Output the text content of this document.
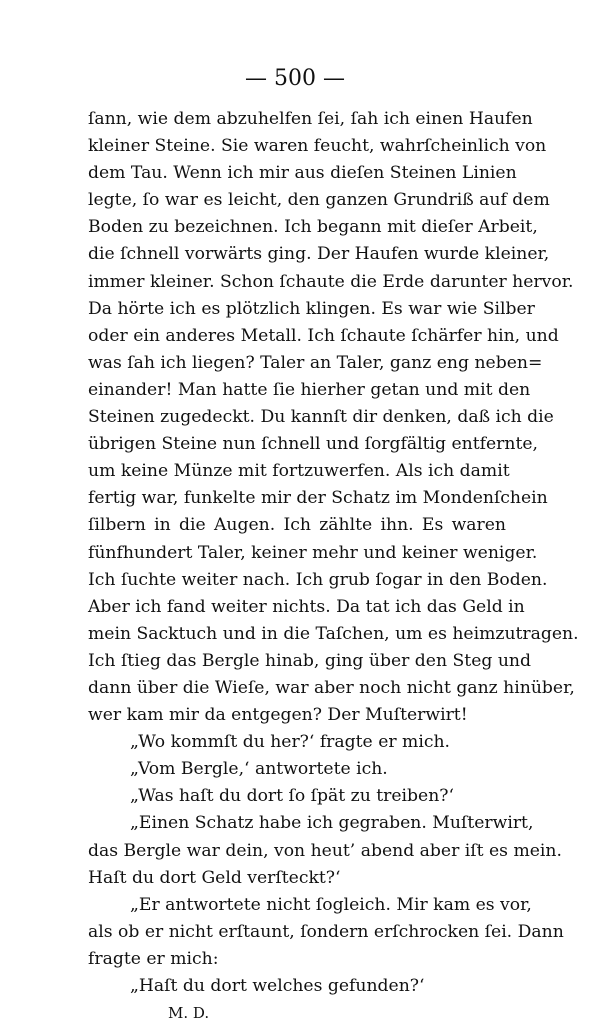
— 500 —
ſann, wie dem abzuhelfen ſei, ſah ich einen Haufen
kleiner Steine. Sie waren feucht, wahrſcheinlich von
dem Tau. Wenn ich mir aus dieſen Steinen Linien
legte, ſo war es leicht, den ganzen Grundriß auf dem
Boden zu bezeichnen. Ich begann mit dieſer Arbeit,
die ſchnell vorwärts ging. Der Haufen wurde kleiner,
immer kleiner. Schon ſchaute die Erde darunter hervor.
Da hörte ich es plötzlich klingen. Es war wie Silber
oder ein anderes Metall. Ich ſchaute ſchärfer hin, und
was ſah ich liegen? Taler an Taler, ganz eng neben=
einander! Man hatte ſie hierher getan und mit den
Steinen zugedeckt. Du kannſt dir denken, daß ich die
übrigen Steine nun ſchnell und ſorgfältig entfernte,
um keine Münze mit fortzuwerfen. Als ich damit
fertig war, funkelte mir der Schatz im Mondenſchein
ſilbern in die Augen. Ich zählte ihn. Es waren
fünfhundert Taler, keiner mehr und keiner weniger.
Ich ſuchte weiter nach. Ich grub ſogar in den Boden.
Aber ich fand weiter nichts. Da tat ich das Geld in
mein Sacktuch und in die Taſchen, um es heimzutragen.
Ich ſtieg das Bergle hinab, ging über den Steg und
dann über die Wieſe, war aber noch nicht ganz hinüber,
wer kam mir da entgegen? Der Muſterwirt!
„Wo kommſt du her?‘ fragte er mich.
„Vom Bergle,‘ antwortete ich.
„Was haſt du dort ſo ſpät zu treiben?‘
„Einen Schatz habe ich gegraben. Muſterwirt,
das Bergle war dein, von heut’ abend aber iſt es mein.
Haſt du dort Geld verſteckt?‘
„Er antwortete nicht ſogleich. Mir kam es vor,
als ob er nicht erſtaunt, ſondern erſchrocken ſei. Dann
fragte er mich:
„Haſt du dort welches gefunden?‘
M. D.
